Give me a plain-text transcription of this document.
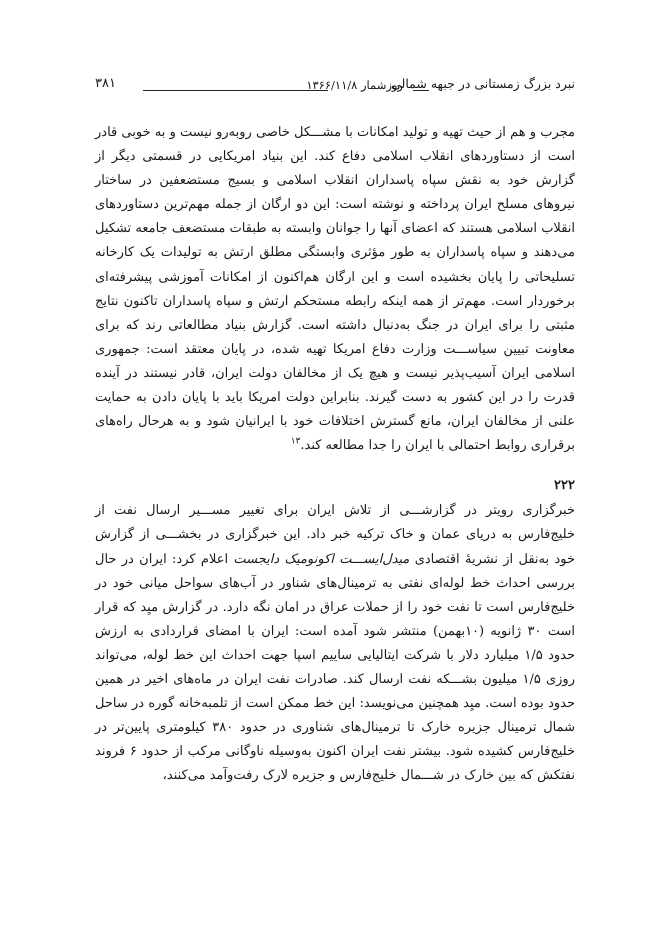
نبرد بزرگ زمستانی در جبهه شمالی
روزشمار ۱۳۶۶/۱۱/۸
۳۸۱

مجرب و هم از حیث تهیه و تولید امکانات با مشـــکل خاصی روبه‌رو نیست و به خوبی قادر است از دستاوردهای انقلاب اسلامی دفاع کند. این بنیاد امریکایی در قسمتی دیگر از گزارش خود به نقش سپاه پاسداران انقلاب اسلامی و بسیج مستضعفین در ساختار نیروهای مسلح ایران پرداخته و نوشته است: این دو ارگان از جمله مهم‌ترین دستاوردهای انقلاب اسلامی هستند که اعضای آنها را جوانان وابسته به طبقات مستضعف جامعه تشکیل می‌دهند و سپاه پاسداران به طور مؤثری وابستگی مطلق ارتش به تولیدات یک کارخانه تسلیحاتی را پایان بخشیده است و این ارگان هم‌اکنون از امکانات آموزشی پیشرفته‌ای برخوردار است. مهم‌تر از همه اینکه رابطه مستحکم ارتش و سپاه پاسداران تاکنون نتایج مثبتی را برای ایران در جنگ به‌دنبال داشته است. گزارش بنیاد مطالعاتی رند که برای معاونت تبیین سیاســـت وزارت دفاع امریکا تهیه شده، در پایان معتقد است: جمهوری اسلامی ایران آسیب‌پذیر نیست و هیچ یک از مخالفان دولت ایران، قادر نیستند در آینده قدرت را در این کشور به دست گیرند. بنابراین دولت امریکا باید با پایان دادن به حمایت علنی از مخالفان ایران، مانع گسترش اختلافات خود با ایرانیان شود و به هرحال راه‌های برقراری روابط احتمالی با ایران را جدا مطالعه کند.$^{۱۳}$

۲۲۲

خبرگزاری رویتر در گزارشـــی از تلاش ایران برای تغییر مســـیر ارسال نفت از خلیج‌فارس به دریای عمان و خاک ترکیه خبر داد. این خبرگزاری در بخشـــی از گزارش خود به‌نقل از نشریهٔ اقتصادی میدل‌ایســـت اکونومیک دایجست اعلام کرد: ایران در حال بررسی احداث خط لوله‌ای نفتی به ترمینال‌های شناور در آب‌های سواحل میانی خود در خلیج‌فارس است تا نفت خود را از حملات عراق در امان نگه دارد. در گزارش میِد که قرار است ۳۰ ژانویه (۱۰بهمن) منتشر شود آمده است: ایران با امضای قراردادی به ارزش حدود ۱/۵ میلیارد دلار با شرکت ایتالیایی ساییم اسپا جهت احداث این خط لوله، می‌تواند روزی ۱/۵ میلیون بشـــکه نفت ارسال کند. صادرات نفت ایران در ماه‌های اخیر در همین حدود بوده است. میِد همچنین می‌نویسد: این خط ممکن است از تلمبه‌خانه گوره در ساحل شمال ترمینال جزیره خارک تا ترمینال‌های شناوری در حدود ۳۸۰ کیلومتری پایین‌تر در خلیج‌فارس کشیده شود. بیشتر نفت ایران اکنون به‌وسیله ناوگانی مرکب از حدود ۶ فروند نفتکش که بین خارک در شـــمال خلیج‌فارس و جزیره لارک رفت‌وآمد می‌کنند،
